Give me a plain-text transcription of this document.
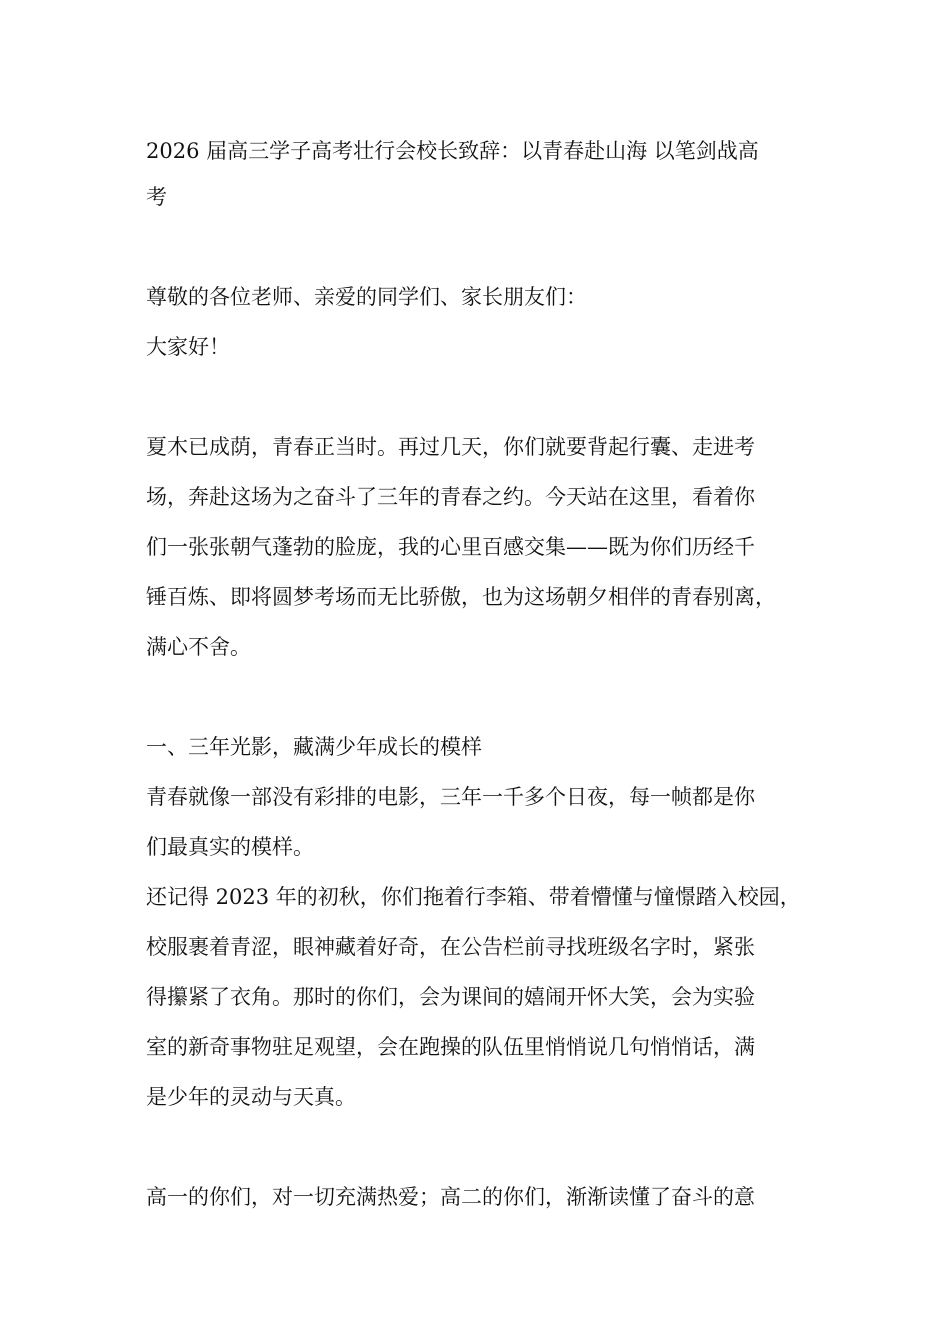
2026 届高三学子高考壮行会校长致辞：以青春赴山海 以笔剑战高
考
尊敬的各位老师、亲爱的同学们、家长朋友们：
大家好！
夏木已成荫，青春正当时。再过几天，你们就要背起行囊、走进考
场，奔赴这场为之奋斗了三年的青春之约。今天站在这里，看着你
们一张张朝气蓬勃的脸庞，我的心里百感交集——既为你们历经千
锤百炼、即将圆梦考场而无比骄傲，也为这场朝夕相伴的青春别离，
满心不舍。
一、三年光影，藏满少年成长的模样
青春就像一部没有彩排的电影，三年一千多个日夜，每一帧都是你
们最真实的模样。
还记得 2023 年的初秋，你们拖着行李箱、带着懵懂与憧憬踏入校园，
校服裹着青涩，眼神藏着好奇，在公告栏前寻找班级名字时，紧张
得攥紧了衣角。那时的你们，会为课间的嬉闹开怀大笑，会为实验
室的新奇事物驻足观望，会在跑操的队伍里悄悄说几句悄悄话，满
是少年的灵动与天真。
高一的你们，对一切充满热爱；高二的你们，渐渐读懂了奋斗的意
